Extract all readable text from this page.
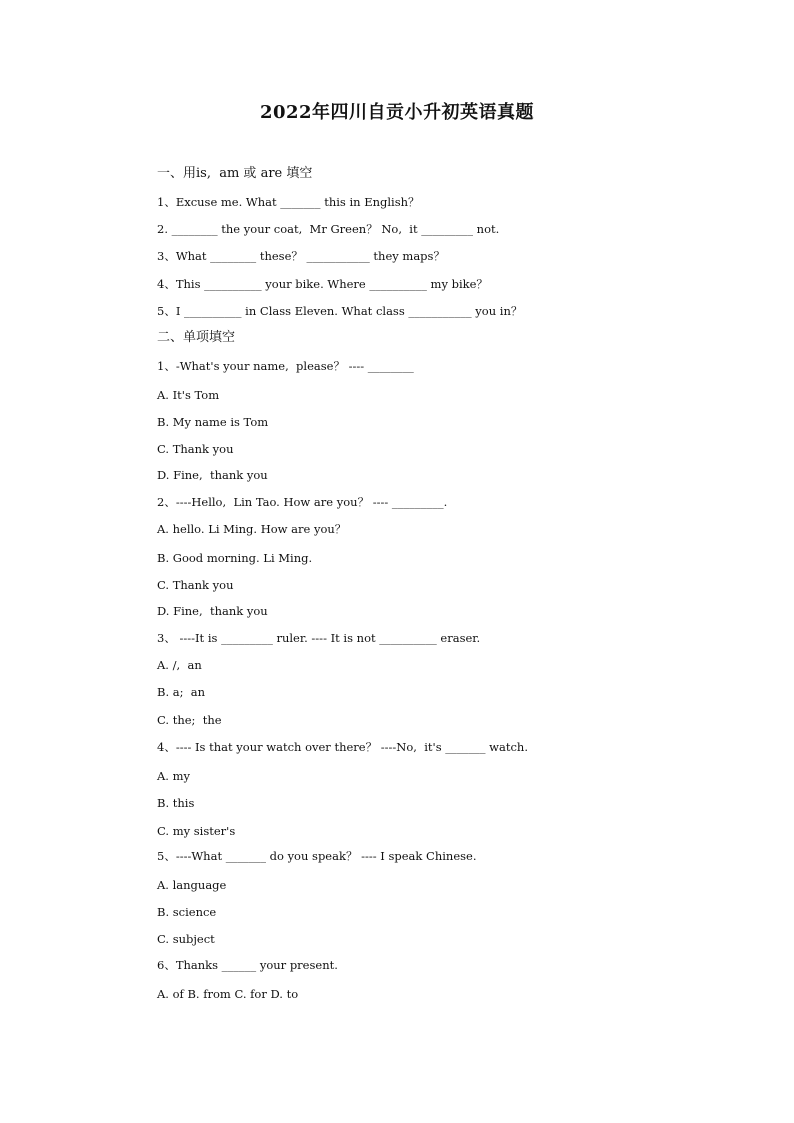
2022年四川自贡小升初英语真题
一、用is,  am 或 are 填空
1、Excuse me. What _______ this in English？
2. ________ the your coat,  Mr Green？ No,  it _________ not.
3、What ________ these？ ___________ they maps？
4、This __________ your bike. Where __________ my bike？
5、I __________ in Class Eleven. What class ___________ you in？
二、单项填空
1、-What's your name,  please？ ---- ________
A. It's Tom
B. My name is Tom
C. Thank you
D. Fine,  thank you
2、----Hello,  Lin Tao. How are you？ ---- _________.
A. hello. Li Ming. How are you？
B. Good morning. Li Ming.
C. Thank you
D. Fine,  thank you
3、 ----It is _________ ruler. ---- It is not __________ eraser.
A. /,  an
B. a;  an
C. the;  the
4、---- Is that your watch over there？ ----No,  it's _______ watch.
A. my
B. this
C. my sister's
5、----What _______ do you speak？ ---- I speak Chinese.
A. language
B. science
C. subject
6、Thanks ______ your present.
A. of B. from C. for D. to
